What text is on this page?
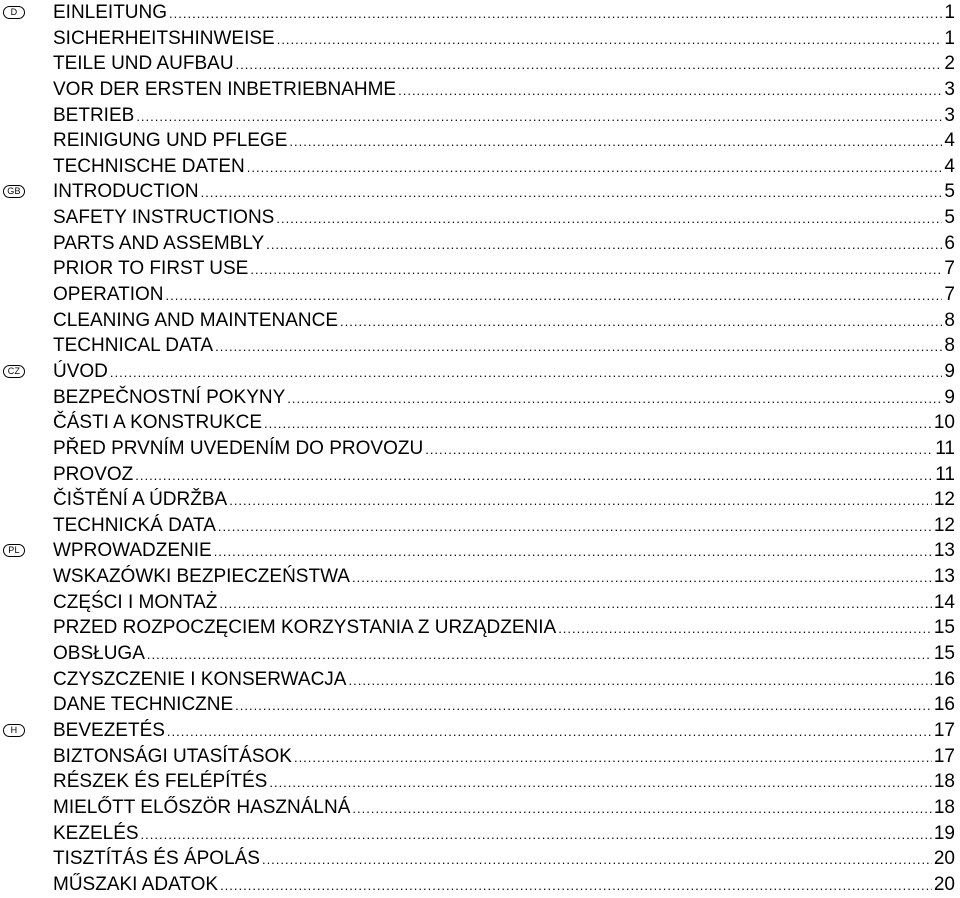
D	EINLEITUNG .....	1
SICHERHEITSHINWEISE .....	1
TEILE UND AUFBAU .....	2
VOR DER ERSTEN INBETRIEBNAHME .....	3
BETRIEB .....	3
REINIGUNG UND PFLEGE .....	4
TECHNISCHE DATEN .....	4
GB INTRODUCTION .....	5
SAFETY INSTRUCTIONS .....	5
PARTS AND ASSEMBLY .....	6
PRIOR TO FIRST USE .....	7
OPERATION .....	7
CLEANING AND MAINTENANCE .....	8
TECHNICAL DATA .....	8
CZ ÚVOD .....	9
BEZPEČNOSTNÍ POKYNY .....	9
ČÁSTI A KONSTRUKCE .....	10
PŘED PRVNÍM UVEDENÍM DO PROVOZU .....	11
PROVOZ .....	11
ČIŠTĚNÍ A ÚDRŽBA .....	12
TECHNICKÁ DATA .....	12
PL WPROWADZENIE .....	13
WSKAZÓWKI BEZPIECZEŃSTWA .....	13
CZĘŚCI I MONTAŻ .....	14
PRZED ROZPOCZĘCIEM KORZYSTANIA Z URZĄDZENIA .....	15
OBSŁUGA .....	15
CZYSZCZENIE I KONSERWACJA .....	16
DANE TECHNICZNE .....	16
H	BEVEZETÉS .....	17
BIZTONSÁGI UTASÍTÁSOK .....	17
RÉSZEK ÉS FELÉPÍTÉS .....	18
MIELŐTT ELŐSZÖR HASZNÁLNÁ .....	18
KEZELÉS .....	19
TISZTÍTÁS ÉS ÁPOLÁS .....	20
MŰSZAKI ADATOK .....	20
